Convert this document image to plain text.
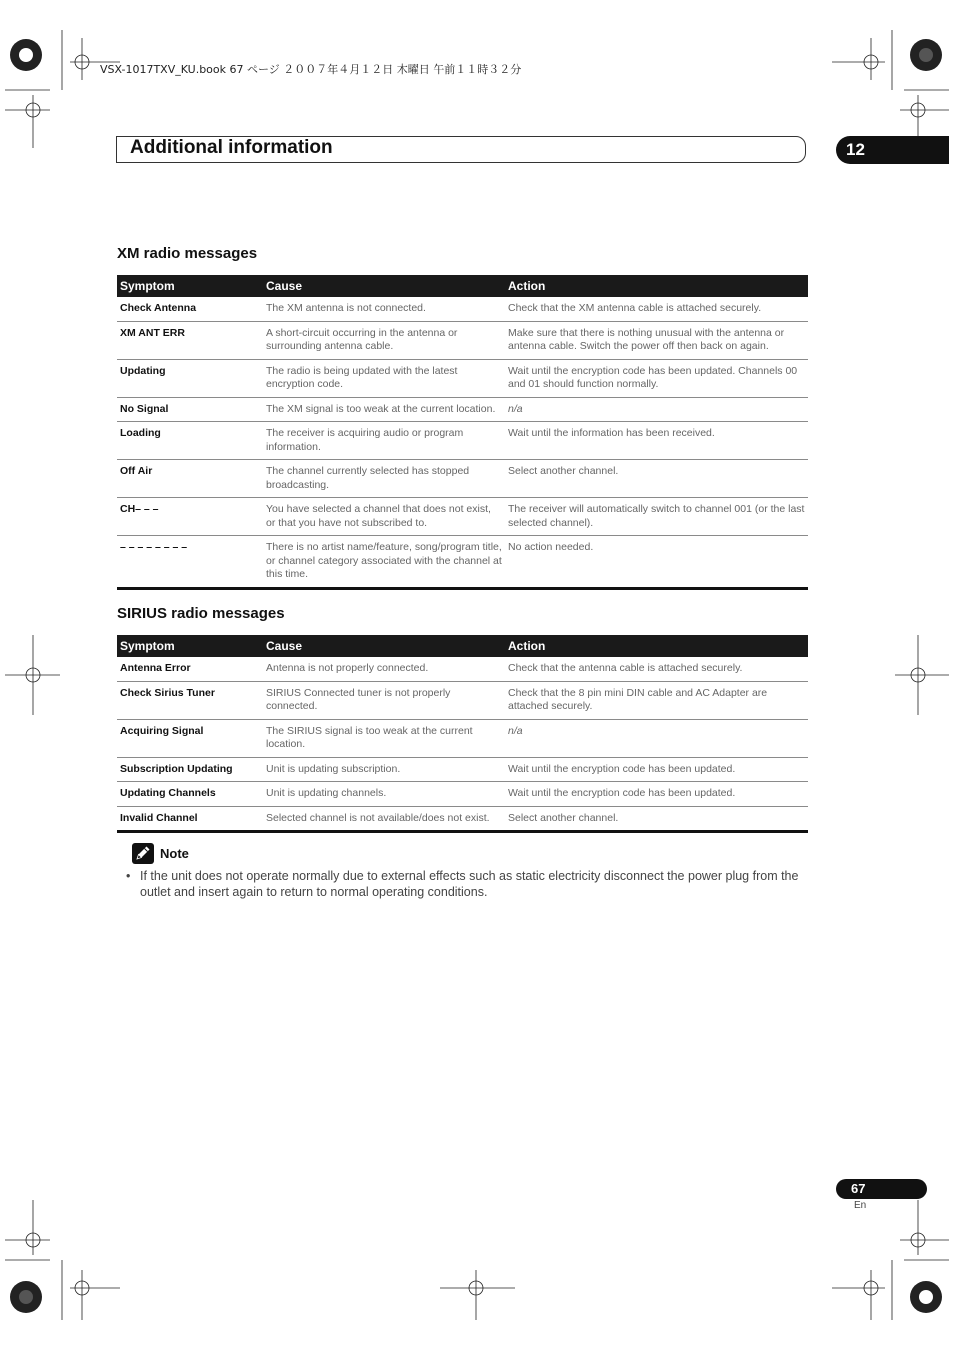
VSX-1017TXV_KU.book 67 ページ ２００７年４月１２日 木曜日 午前１１時３２分
Additional information	12
XM radio messages
Symptom	Cause	Action
Check Antenna	The XM antenna is not connected.	Check that the XM antenna cable is attached securely.
XM ANT ERR	A short-circuit occurring in the antenna or surrounding antenna cable.	Make sure that there is nothing unusual with the antenna or antenna cable. Switch the power off then back on again.
Updating	The radio is being updated with the latest encryption code.	Wait until the encryption code has been updated. Channels 00 and 01 should function normally.
No Signal	The XM signal is too weak at the current location.	n/a
Loading	The receiver is acquiring audio or program information.	Wait until the information has been received.
Off Air	The channel currently selected has stopped broadcasting.	Select another channel.
CH– – –	You have selected a channel that does not exist, or that you have not subscribed to.	The receiver will automatically switch to channel 001 (or the last selected channel).
– – – – – – – –	There is no artist name/feature, song/program title, or channel category associated with the channel at this time.	No action needed.
SIRIUS radio messages
Symptom	Cause	Action
Antenna Error	Antenna is not properly connected.	Check that the antenna cable is attached securely.
Check Sirius Tuner	SIRIUS Connected tuner is not properly connected.	Check that the 8 pin mini DIN cable and AC Adapter are attached securely.
Acquiring Signal	The SIRIUS signal is too weak at the current location.	n/a
Subscription Updating	Unit is updating subscription.	Wait until the encryption code has been updated.
Updating Channels	Unit is updating channels.	Wait until the encryption code has been updated.
Invalid Channel	Selected channel is not available/does not exist.	Select another channel.
Note
• If the unit does not operate normally due to external effects such as static electricity disconnect the power plug from the outlet and insert again to return to normal operating conditions.
67
En
